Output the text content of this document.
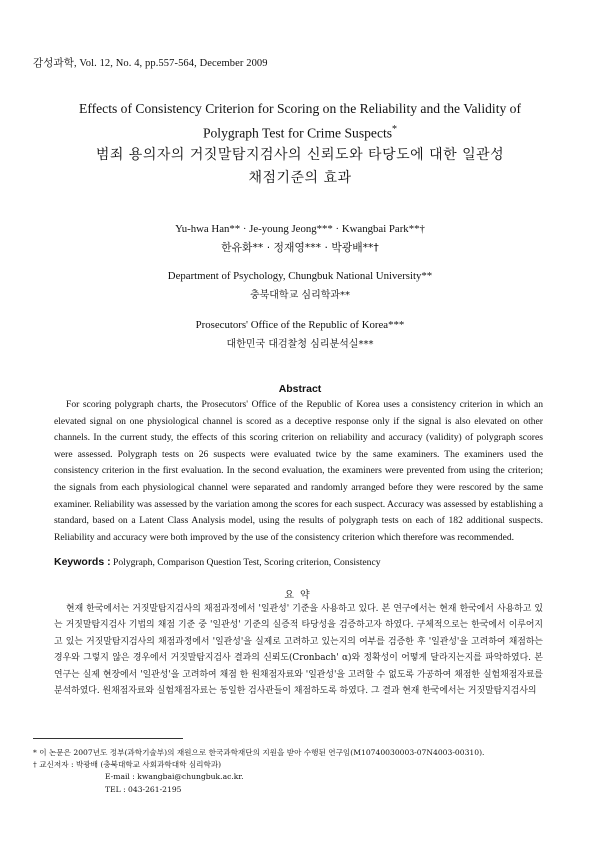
감성과학, Vol. 12, No. 4, pp.557-564, December 2009
Effects of Consistency Criterion for Scoring on the Reliability and the Validity of
Polygraph Test for Crime Suspects*
범죄 용의자의 거짓말탐지검사의 신뢰도와 타당도에 대한 일관성
채점기준의 효과
Yu-hwa Han** · Je-young Jeong*** · Kwangbai Park**†
한유화** · 정재영*** · 박광배**†
Department of Psychology, Chungbuk National University**
충북대학교 심리학과**
Prosecutors' Office of the Republic of Korea***
대한민국 대검찰청 심리분석실***
Abstract

For scoring polygraph charts, the Prosecutors' Office of the Republic of Korea uses a consistency criterion in which an elevated signal on one physiological channel is scored as a deceptive response only if the signal is also elevated on other channels. In the current study, the effects of this scoring criterion on reliability and accuracy (validity) of polygraph scores were assessed. Polygraph tests on 26 suspects were evaluated twice by the same examiners. The examiners used the consistency criterion in the first evaluation. In the second evaluation, the examiners were prevented from using the criterion; the signals from each physiological channel were separated and randomly arranged before they were rescored by the same examiner. Reliability was assessed by the variation among the scores for each suspect. Accuracy was assessed by establishing a standard, based on a Latent Class Analysis model, using the results of polygraph tests on each of 182 additional suspects. Reliability and accuracy were both improved by the use of the consistency criterion which therefore was recommended.

Keywords : Polygraph, Comparison Question Test, Scoring criterion, Consistency
요약

현재 한국에서는 거짓말탐지검사의 채점과정에서 '일관성' 기준을 사용하고 있다. 본 연구에서는 현재 한국에서 사용하고 있는 거짓말탐지검사 기법의 채점 기준 중 '일관성' 기준의 실증적 타당성을 검증하고자 하였다. 구체적으로는 한국에서 이루어지고 있는 거짓말탐지검사의 채점과정에서 '일관성'을 실제로 고려하고 있는지의 여부를 검증한 후 '일관성'을 고려하여 채점하는 경우와 그렇지 않은 경우에서 거짓말탐지검사 결과의 신뢰도(Cronbach' α)와 정확성이 어떻게 달라지는지를 파악하였다. 본 연구는 실제 현장에서 '일관성'을 고려하여 채점 한 원채점자료와 '일관성'을 고려할 수 없도록 가공하여 채점한 실험채점자료를 분석하였다. 원채점자료와 실험채점자료는 동일한 검사관들이 채점하도록 하였다. 그 결과 현재 한국에서는 거짓말탐지검사의

* 이 논문은 2007년도 정부(과학기술부)의 재원으로 한국과학재단의 지원을 받아 수행된 연구임(M10740030003-07N4003-00310).
† 교신저자 : 박광배 (충북대학교 사회과학대학 심리학과)
E-mail : kwangbai@chungbuk.ac.kr.
TEL : 043-261-2195
